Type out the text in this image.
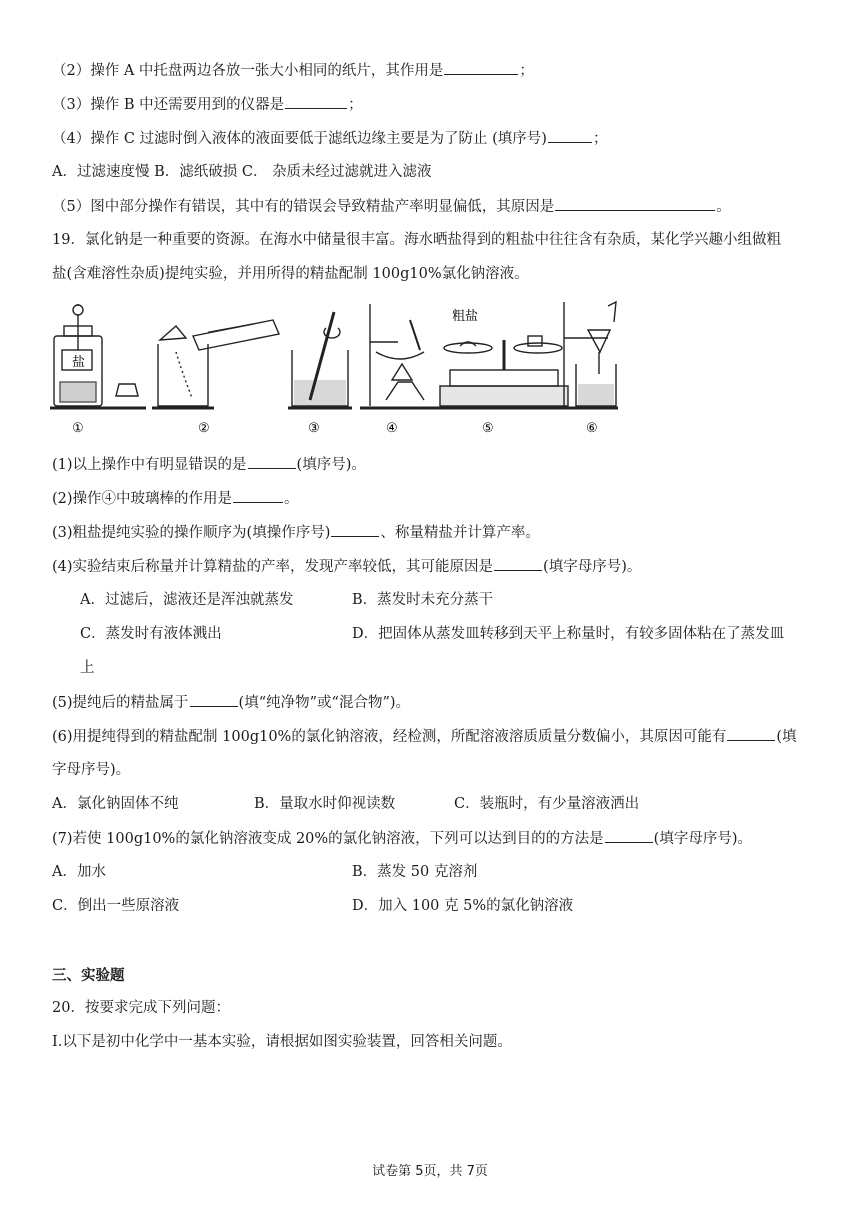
（2）操作 A 中托盘两边各放一张大小相同的纸片，其作用是	；
（3）操作 B 中还需要用到的仪器是	；
（4）操作 C 过滤时倒入液体的液面要低于滤纸边缘主要是为了防止 (填序号)	；
A．过滤速度慢 B．滤纸破损 C． 杂质未经过滤就进入滤液
（5）图中部分操作有错误，其中有的错误会导致精盐产率明显偏低，其原因是	。
19．氯化钠是一种重要的资源。在海水中储量很丰富。海水晒盐得到的粗盐中往往含有杂质，某化学兴趣小组做粗
盐(含难溶性杂质)提纯实验，并用所得的精盐配制 100g10%氯化钠溶液。
盐
粗盐
①	②	③	④	⑤	⑥
(1)以上操作中有明显错误的是	(填序号)。
(2)操作④中玻璃棒的作用是	。
(3)粗盐提纯实验的操作顺序为(填操作序号)	、称量精盐并计算产率。
(4)实验结束后称量并计算精盐的产率，发现产率较低，其可能原因是	(填字母序号)。
A．过滤后，滤液还是浑浊就蒸发	B．蒸发时未充分蒸干
C．蒸发时有液体溅出	D．把固体从蒸发皿转移到天平上称量时，有较多固体粘在了蒸发皿
上
(5)提纯后的精盐属于	(填“纯净物”或“混合物”)。
(6)用提纯得到的精盐配制 100g10%的氯化钠溶液，经检测，所配溶液溶质质量分数偏小，其原因可能有	(填
字母序号)。
A．氯化钠固体不纯	B．量取水时仰视读数	C．装瓶时，有少量溶液洒出
(7)若使 100g10%的氯化钠溶液变成 20%的氯化钠溶液，下列可以达到目的的方法是	(填字母序号)。
A．加水	B．蒸发 50 克溶剂
C．倒出一些原溶液	D．加入 100 克 5%的氯化钠溶液
三、实验题
20．按要求完成下列问题：
Ⅰ.以下是初中化学中一基本实验，请根据如图实验装置，回答相关问题。
试卷第 5页，共 7页
